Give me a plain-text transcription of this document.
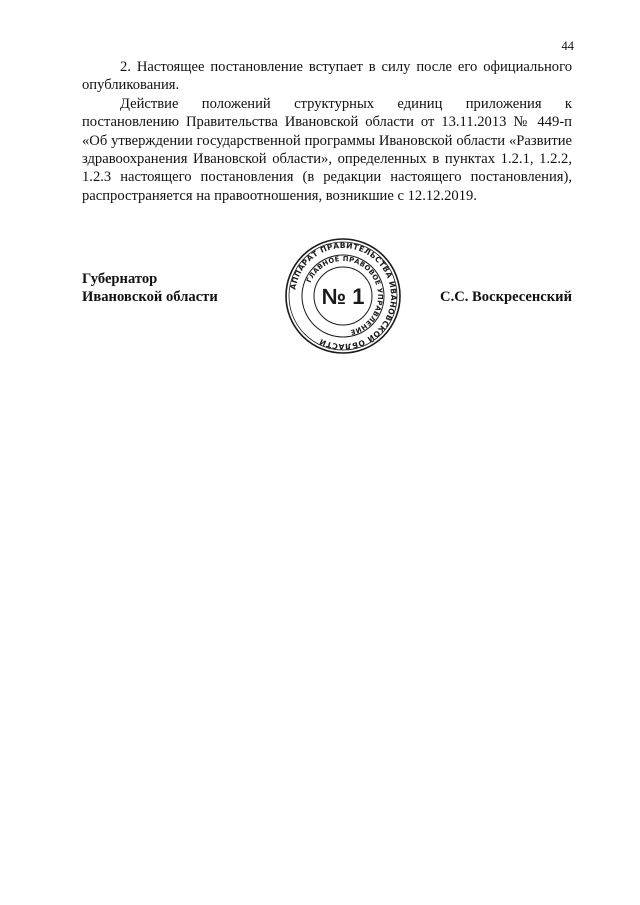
44

2. Настоящее постановление вступает в силу после его официального опубликования.

Действие положений структурных единиц приложения к постановлению Правительства Ивановской области от 13.11.2013 № 449-п «Об утверждении государственной программы Ивановской области «Развитие здравоохранения Ивановской области», определенных в пунктах 1.2.1, 1.2.2, 1.2.3 настоящего постановления (в редакции настоящего постановления), распространяется на правоотношения, возникшие с 12.12.2019.

Губернатор
Ивановской области	С.С. Воскресенский
АППАРАТ ПРАВИТЕЛЬСТВА ИВАНОВСКОЙ ОБЛАСТИ
ГЛАВНОЕ ПРАВОВОЕ УПРАВЛЕНИЕ
№ 1
